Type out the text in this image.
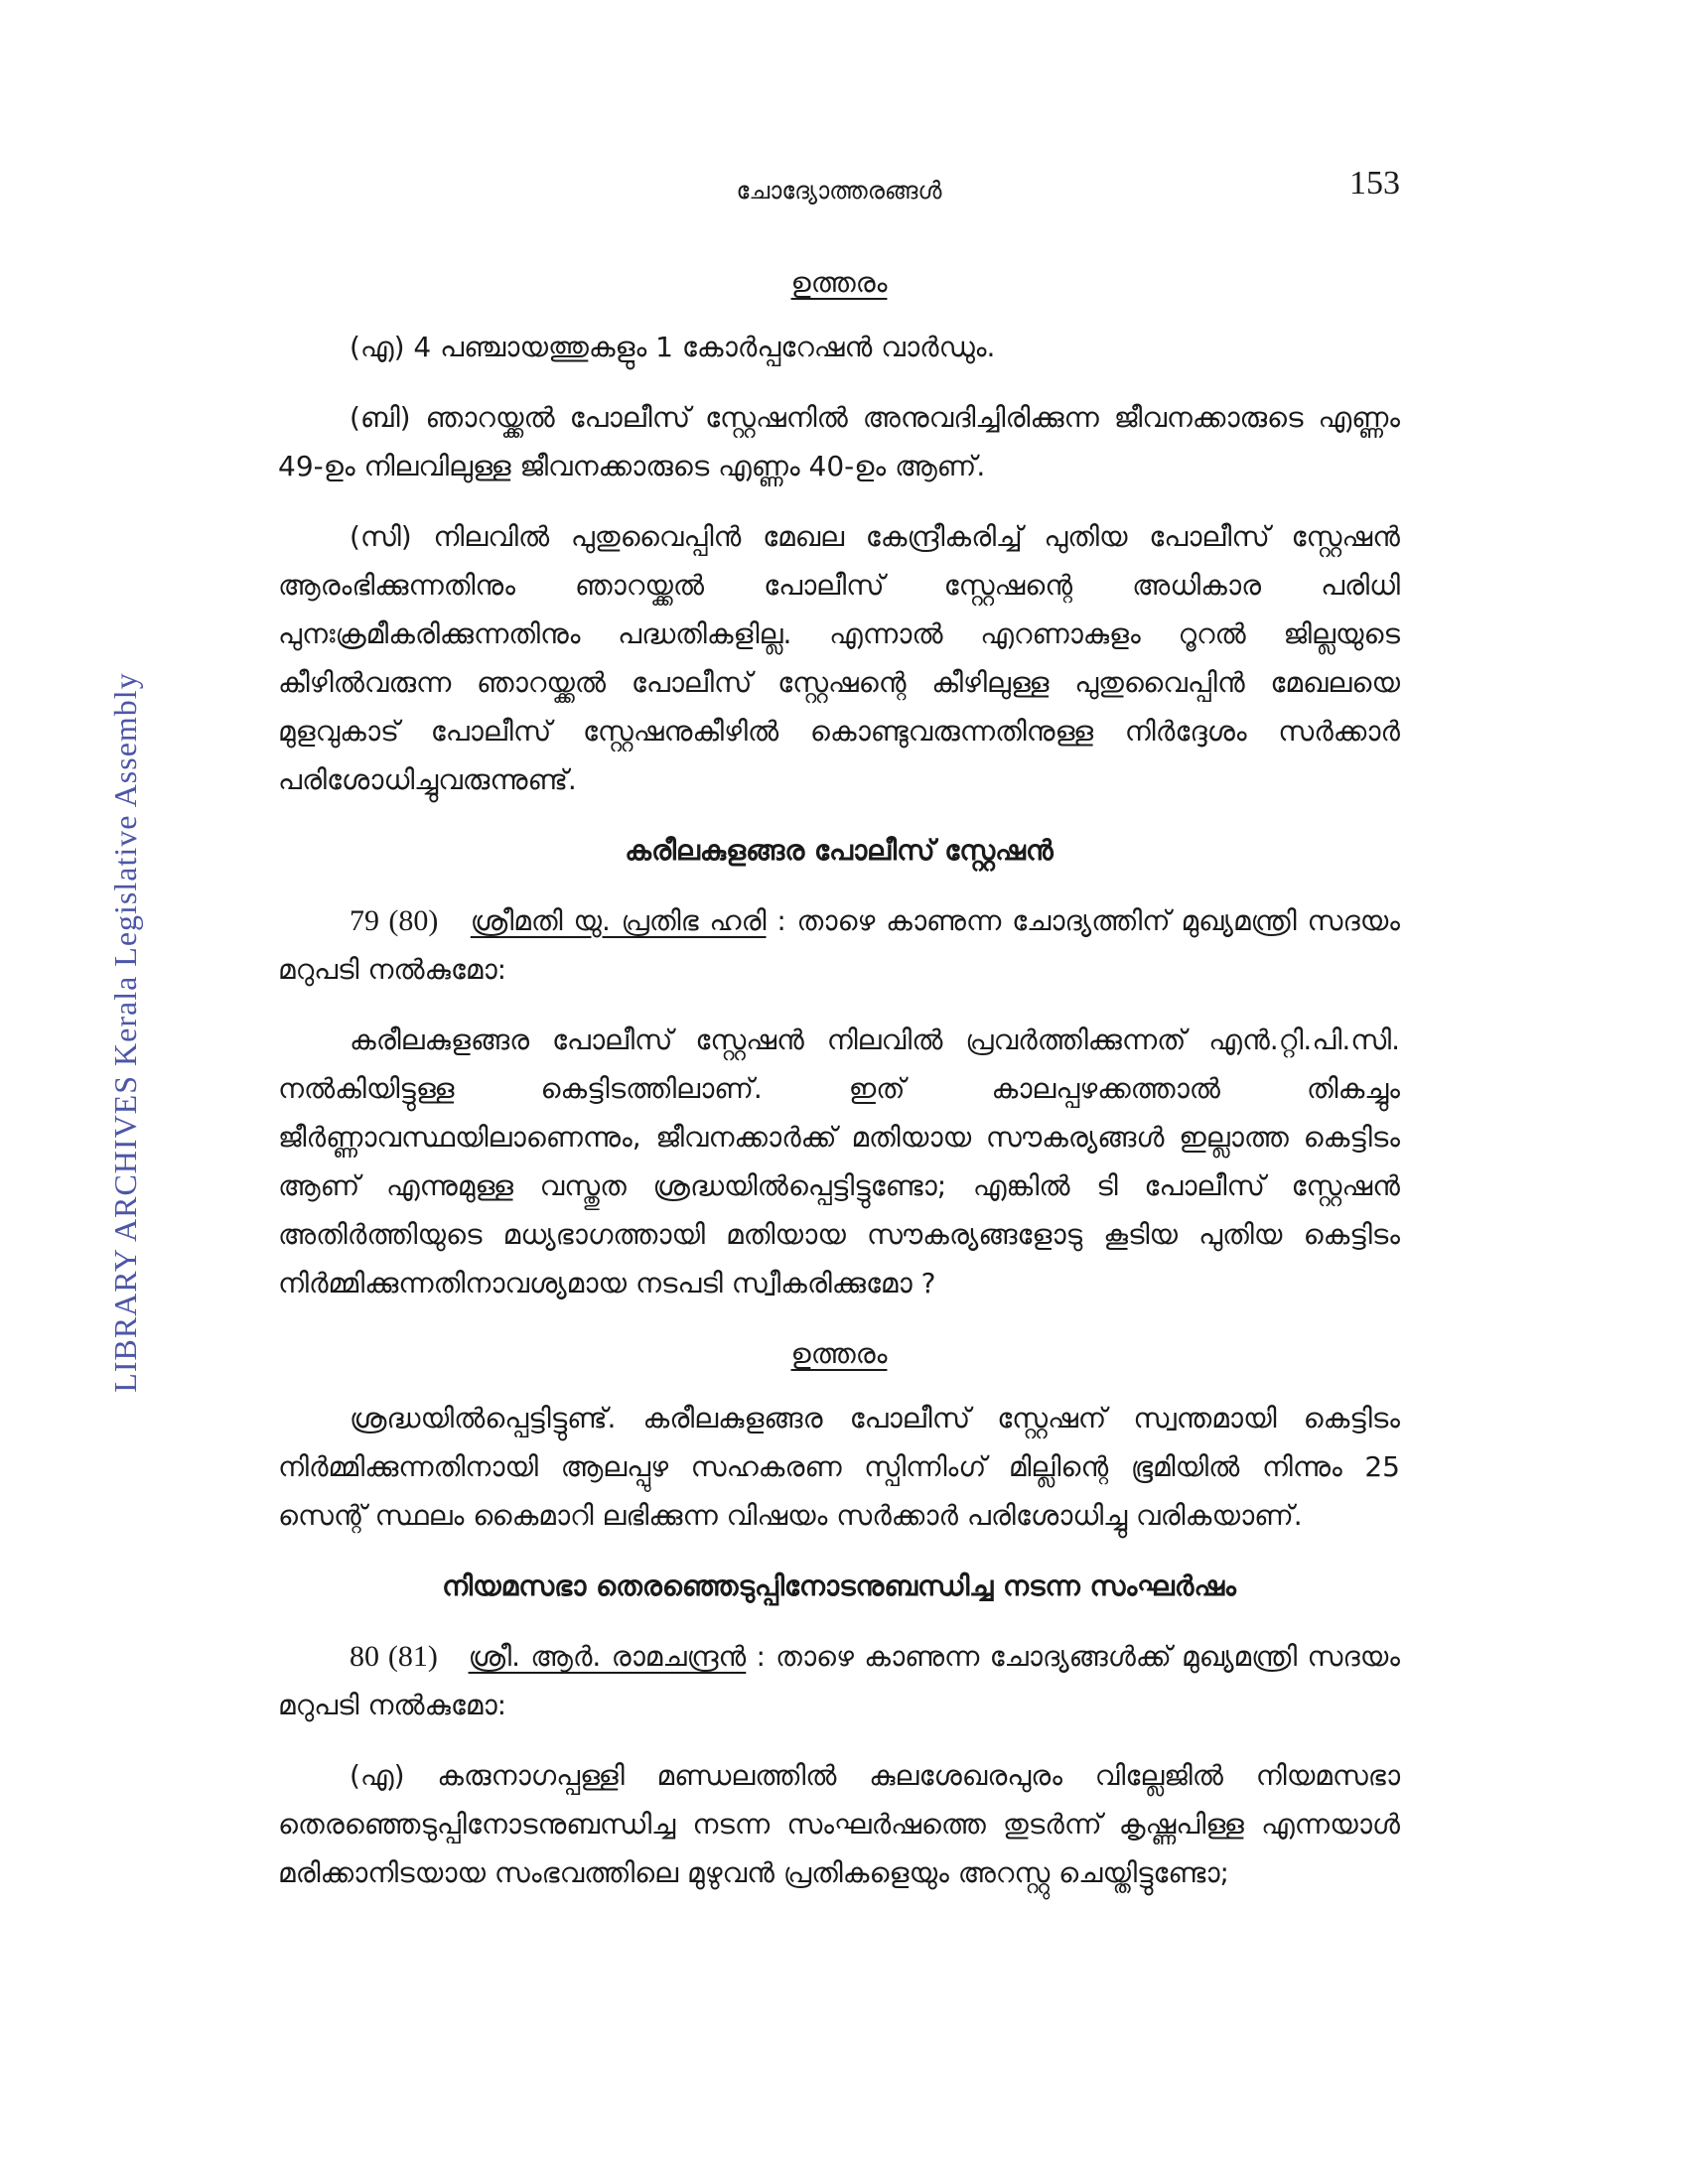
LIBRARY ARCHIVES Kerala Legislative Assembly
ചോദ്യോത്തരങ്ങൾ	153
ഉത്തരം

(എ) 4 പഞ്ചായത്തുകളും 1 കോർപ്പറേഷൻ വാർഡും.

(ബി) ഞാറയ്ക്കൽ പോലീസ് സ്റ്റേഷനിൽ അനുവദിച്ചിരിക്കുന്ന ജീവനക്കാരുടെ എണ്ണം 49-ഉം നിലവിലുള്ള ജീവനക്കാരുടെ എണ്ണം 40-ഉം ആണ്.

(സി) നിലവിൽ പുതുവൈപ്പിൻ മേഖല കേന്ദ്രീകരിച്ച് പുതിയ പോലീസ് സ്റ്റേഷൻ ആരംഭിക്കുന്നതിനും ഞാറയ്ക്കൽ പോലീസ് സ്റ്റേഷന്റെ അധികാര പരിധി പുനഃക്രമീകരിക്കുന്നതിനും പദ്ധതികളില്ല. എന്നാൽ എറണാകുളം റൂറൽ ജില്ലയുടെ കീഴിൽവരുന്ന ഞാറയ്ക്കൽ പോലീസ് സ്റ്റേഷന്റെ കീഴിലുള്ള പുതുവൈപ്പിൻ മേഖലയെ മുളവുകാട് പോലീസ് സ്റ്റേഷനുകീഴിൽ കൊണ്ടുവരുന്നതിനുള്ള നിർദ്ദേശം സർക്കാർ പരിശോധിച്ചുവരുന്നുണ്ട്.

കരീലകുളങ്ങര പോലീസ് സ്റ്റേഷൻ

79 (80) ശ്രീമതി യു. പ്രതിഭ ഹരി : താഴെ കാണുന്ന ചോദ്യത്തിന് മുഖ്യമന്ത്രി സദയം മറുപടി നൽകുമോ:

കരീലകുളങ്ങര പോലീസ് സ്റ്റേഷൻ നിലവിൽ പ്രവർത്തിക്കുന്നത് എൻ.റ്റി.പി.സി. നൽകിയിട്ടുള്ള കെട്ടിടത്തിലാണ്. ഇത് കാലപ്പഴക്കത്താൽ തികച്ചും ജീർണ്ണാവസ്ഥയിലാണെന്നും, ജീവനക്കാർക്ക് മതിയായ സൗകര്യങ്ങൾ ഇല്ലാത്ത കെട്ടിടം ആണ് എന്നുമുള്ള വസ്തുത ശ്രദ്ധയിൽപ്പെട്ടിട്ടുണ്ടോ; എങ്കിൽ ടി പോലീസ് സ്റ്റേഷൻ അതിർത്തിയുടെ മധ്യഭാഗത്തായി മതിയായ സൗകര്യങ്ങളോടു കൂടിയ പുതിയ കെട്ടിടം നിർമ്മിക്കുന്നതിനാവശ്യമായ നടപടി സ്വീകരിക്കുമോ ?

ഉത്തരം

ശ്രദ്ധയിൽപ്പെട്ടിട്ടുണ്ട്. കരീലകുളങ്ങര പോലീസ് സ്റ്റേഷന് സ്വന്തമായി കെട്ടിടം നിർമ്മിക്കുന്നതിനായി ആലപ്പുഴ സഹകരണ സ്പിന്നിംഗ് മില്ലിന്റെ ഭൂമിയിൽ നിന്നും 25 സെന്റ് സ്ഥലം കൈമാറി ലഭിക്കുന്ന വിഷയം സർക്കാർ പരിശോധിച്ചു വരികയാണ്.

നിയമസഭാ തെരഞ്ഞെടുപ്പിനോടനുബന്ധിച്ച നടന്ന സംഘർഷം

80 (81) ശ്രീ. ആർ. രാമചന്ദ്രൻ : താഴെ കാണുന്ന ചോദ്യങ്ങൾക്ക് മുഖ്യമന്ത്രി സദയം മറുപടി നൽകുമോ:

(എ) കരുനാഗപ്പള്ളി മണ്ഡലത്തിൽ കുലശേഖരപുരം വില്ലേജിൽ നിയമസഭാ തെരഞ്ഞെടുപ്പിനോടനുബന്ധിച്ച നടന്ന സംഘർഷത്തെ തുടർന്ന് കൃഷ്ണപിള്ള എന്നയാൾ മരിക്കാനിടയായ സംഭവത്തിലെ മുഴുവൻ പ്രതികളെയും അറസ്റ്റു ചെയ്തിട്ടുണ്ടോ;
